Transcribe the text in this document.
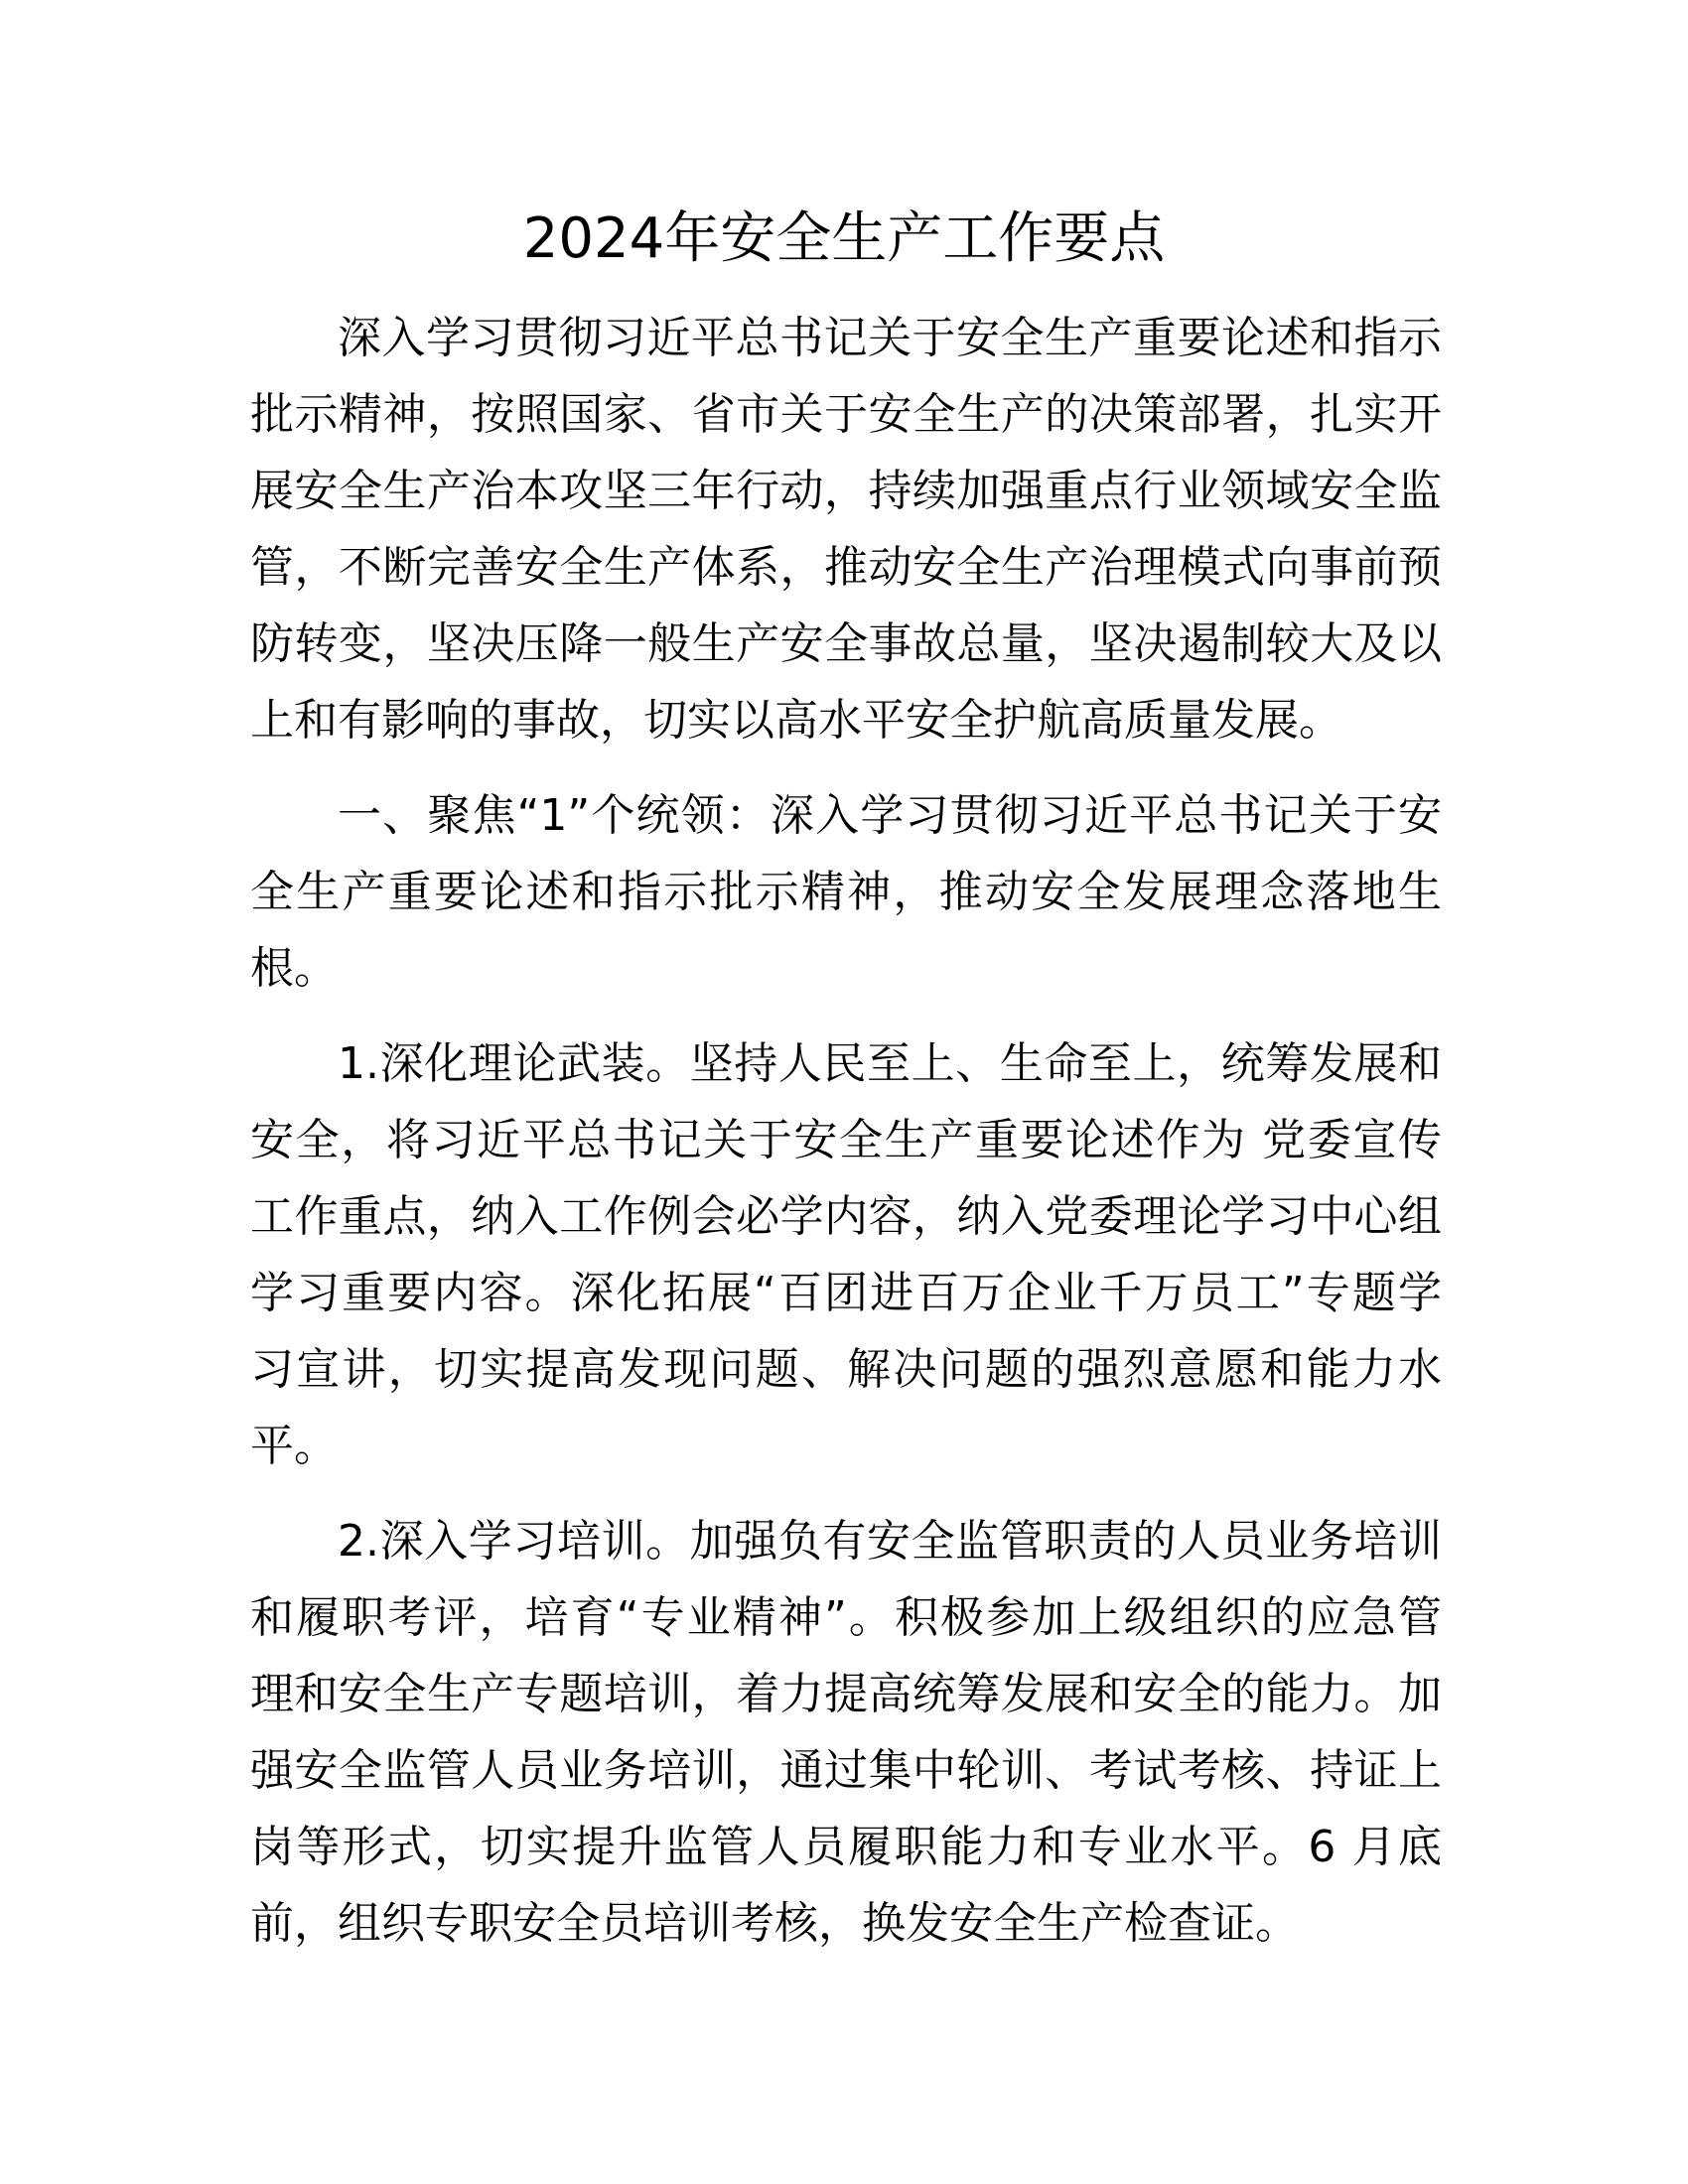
2024年安全生产工作要点

深入学习贯彻习近平总书记关于安全生产重要论述和指示
批示精神，按照国家、省市关于安全生产的决策部署，扎实开
展安全生产治本攻坚三年行动，持续加强重点行业领域安全监
管，不断完善安全生产体系，推动安全生产治理模式向事前预
防转变，坚决压降一般生产安全事故总量，坚决遏制较大及以
上和有影响的事故，切实以高水平安全护航高质量发展。

一、聚焦“1”个统领：深入学习贯彻习近平总书记关于安
全生产重要论述和指示批示精神，推动安全发展理念落地生
根。

1.深化理论武装。坚持人民至上、生命至上，统筹发展和
安全，将习近平总书记关于安全生产重要论述作为 党委宣传
工作重点，纳入工作例会必学内容，纳入党委理论学习中心组
学习重要内容。深化拓展“百团进百万企业千万员工”专题学
习宣讲，切实提高发现问题、解决问题的强烈意愿和能力水
平。

2.深入学习培训。加强负有安全监管职责的人员业务培训
和履职考评，培育“专业精神”。积极参加上级组织的应急管
理和安全生产专题培训，着力提高统筹发展和安全的能力。加
强安全监管人员业务培训，通过集中轮训、考试考核、持证上
岗等形式，切实提升监管人员履职能力和专业水平。6 月底
前，组织专职安全员培训考核，换发安全生产检查证。
